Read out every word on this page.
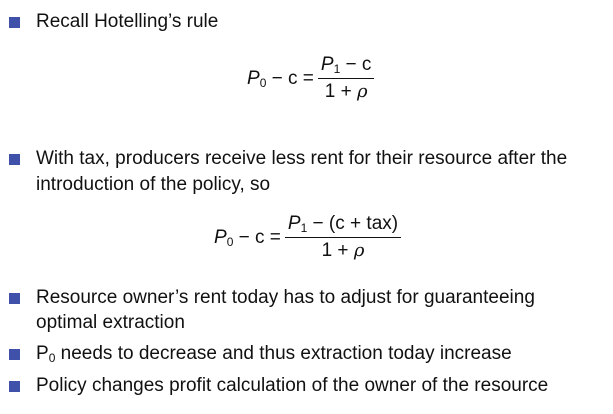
Recall Hotelling’s rule
$P_0 - c = \frac{P_1 - c}{1 + \rho}$
With tax, producers receive less rent for their resource after the
introduction of the policy, so
$P_0 - c = \frac{P_1 - (c + tax)}{1 + \rho}$
Resource owner’s rent today has to adjust for guaranteeing
optimal extraction
$P_0$ needs to decrease and thus extraction today increase
Policy changes profit calculation of the owner of the resource
